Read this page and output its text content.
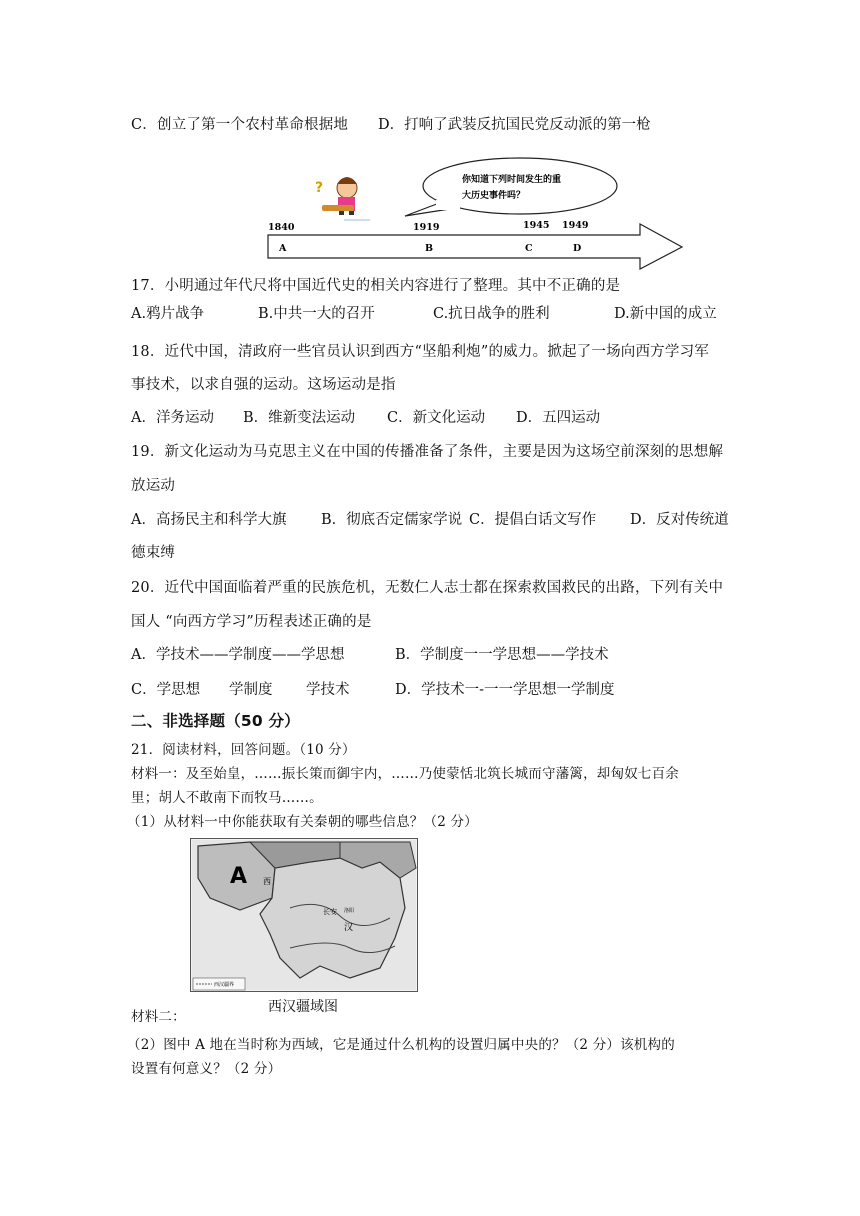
C．创立了第一个农村革命根据地 D．打响了武装反抗国民党反动派的第一枪
你知道下列时间发生的重
大历史事件吗？
?
1840	1919	1945 1949
A	B	C	D
17．小明通过年代尺将中国近代史的相关内容进行了整理。其中不正确的是
A.鸦片战争	B.中共一大的召开	C.抗日战争的胜利	D.新中国的成立
18．近代中国，清政府一些官员认识到西方“坚船利炮”的威力。掀起了一场向西方学习军
事技术，以求自强的运动。这场运动是指
A．洋务运动 B．维新变法运动 C．新文化运动 D．五四运动
19．新文化运动为马克思主义在中国的传播准备了条件，主要是因为这场空前深刻的思想解
放运动
A．高扬民主和科学大旗 B．彻底否定儒家学说 C．提倡白话文写作 D．反对传统道
德束缚
20．近代中国面临着严重的民族危机，无数仁人志士都在探索救国救民的出路，下列有关中
国人 “向西方学习”历程表述正确的是
A．学技术——学制度——学思想	B．学制度一一学思想——学技术
C．学思想 学制度 学技术	D．学技术一-一一学思想一学制度
二、非选择题（50 分）
21．阅读材料，回答问题。（10 分）
材料一：及至始皇，……振长策而御宇内，……乃使蒙恬北筑长城而守藩篱，却匈奴七百余
里；胡人不敢南下而牧马……。
（1）从材料一中你能获取有关秦朝的哪些信息？（2 分）
A 西
长安 洛阳
汉
西汉疆界
西汉疆域图
材料二：
（2）图中 A 地在当时称为西域，它是通过什么机构的设置归属中央的？（2 分）该机构的
设置有何意义？（2 分）
